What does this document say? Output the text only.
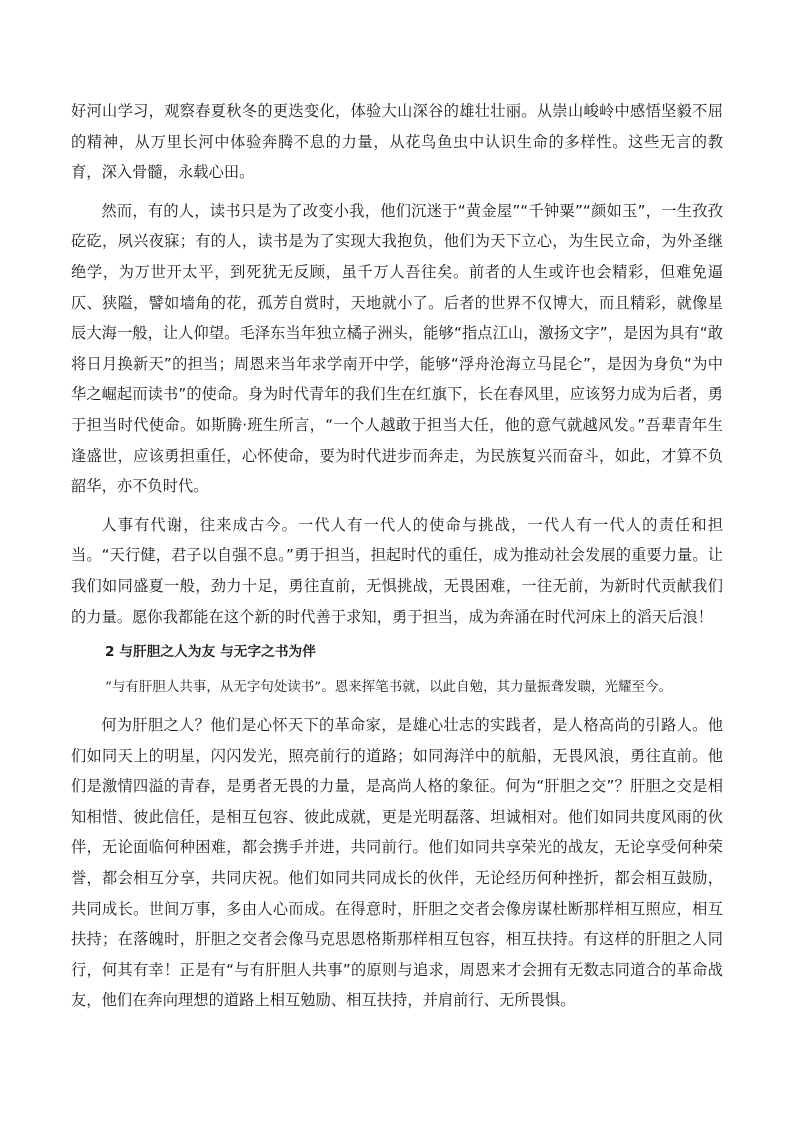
好河山学习，观察春夏秋冬的更迭变化，体验大山深谷的雄壮壮丽。从崇山峻岭中感悟坚毅不屈的精神，从万里长河中体验奔腾不息的力量，从花鸟鱼虫中认识生命的多样性。这些无言的教育，深入骨髓，永载心田。

然而，有的人，读书只是为了改变小我，他们沉迷于“黄金屋”“千钟粟”“颜如玉”，一生孜孜矻矻，夙兴夜寐；有的人，读书是为了实现大我抱负，他们为天下立心，为生民立命，为外圣继绝学，为万世开太平，到死犹无反顾，虽千万人吾往矣。前者的人生或许也会精彩，但难免逼仄、狭隘，譬如墙角的花，孤芳自赏时，天地就小了。后者的世界不仅博大，而且精彩，就像星辰大海一般，让人仰望。毛泽东当年独立橘子洲头，能够“指点江山，激扬文字”，是因为具有“敢将日月换新天”的担当；周恩来当年求学南开中学，能够“浮舟沧海立马昆仑”，是因为身负“为中华之崛起而读书”的使命。身为时代青年的我们生在红旗下，长在春风里，应该努力成为后者，勇于担当时代使命。如斯腾·班生所言，“一个人越敢于担当大任，他的意气就越风发。”吾辈青年生逢盛世，应该勇担重任，心怀使命，要为时代进步而奔走，为民族复兴而奋斗，如此，才算不负韶华，亦不负时代。

人事有代谢，往来成古今。一代人有一代人的使命与挑战，一代人有一代人的责任和担当。“天行健，君子以自强不息。”勇于担当，担起时代的重任，成为推动社会发展的重要力量。让我们如同盛夏一般，劲力十足，勇往直前，无惧挑战，无畏困难，一往无前，为新时代贡献我们的力量。愿你我都能在这个新的时代善于求知，勇于担当，成为奔涌在时代河床上的滔天后浪！

2 与肝胆之人为友 与无字之书为伴

“与有肝胆人共事，从无字句处读书”。恩来挥笔书就，以此自勉，其力量振聋发聩，光耀至今。

何为肝胆之人？他们是心怀天下的革命家，是雄心壮志的实践者，是人格高尚的引路人。他们如同天上的明星，闪闪发光，照亮前行的道路；如同海洋中的航船，无畏风浪，勇往直前。他们是激情四溢的青春，是勇者无畏的力量，是高尚人格的象征。何为“肝胆之交”？肝胆之交是相知相惜、彼此信任，是相互包容、彼此成就，更是光明磊落、坦诚相对。他们如同共度风雨的伙伴，无论面临何种困难，都会携手并进，共同前行。他们如同共享荣光的战友，无论享受何种荣誉，都会相互分享，共同庆祝。他们如同共同成长的伙伴，无论经历何种挫折，都会相互鼓励，共同成长。世间万事，多由人心而成。在得意时，肝胆之交者会像房谋杜断那样相互照应，相互扶持；在落魄时，肝胆之交者会像马克思恩格斯那样相互包容，相互扶持。有这样的肝胆之人同行，何其有幸！正是有“与有肝胆人共事”的原则与追求，周恩来才会拥有无数志同道合的革命战友，他们在奔向理想的道路上相互勉励、相互扶持，并肩前行、无所畏惧。
